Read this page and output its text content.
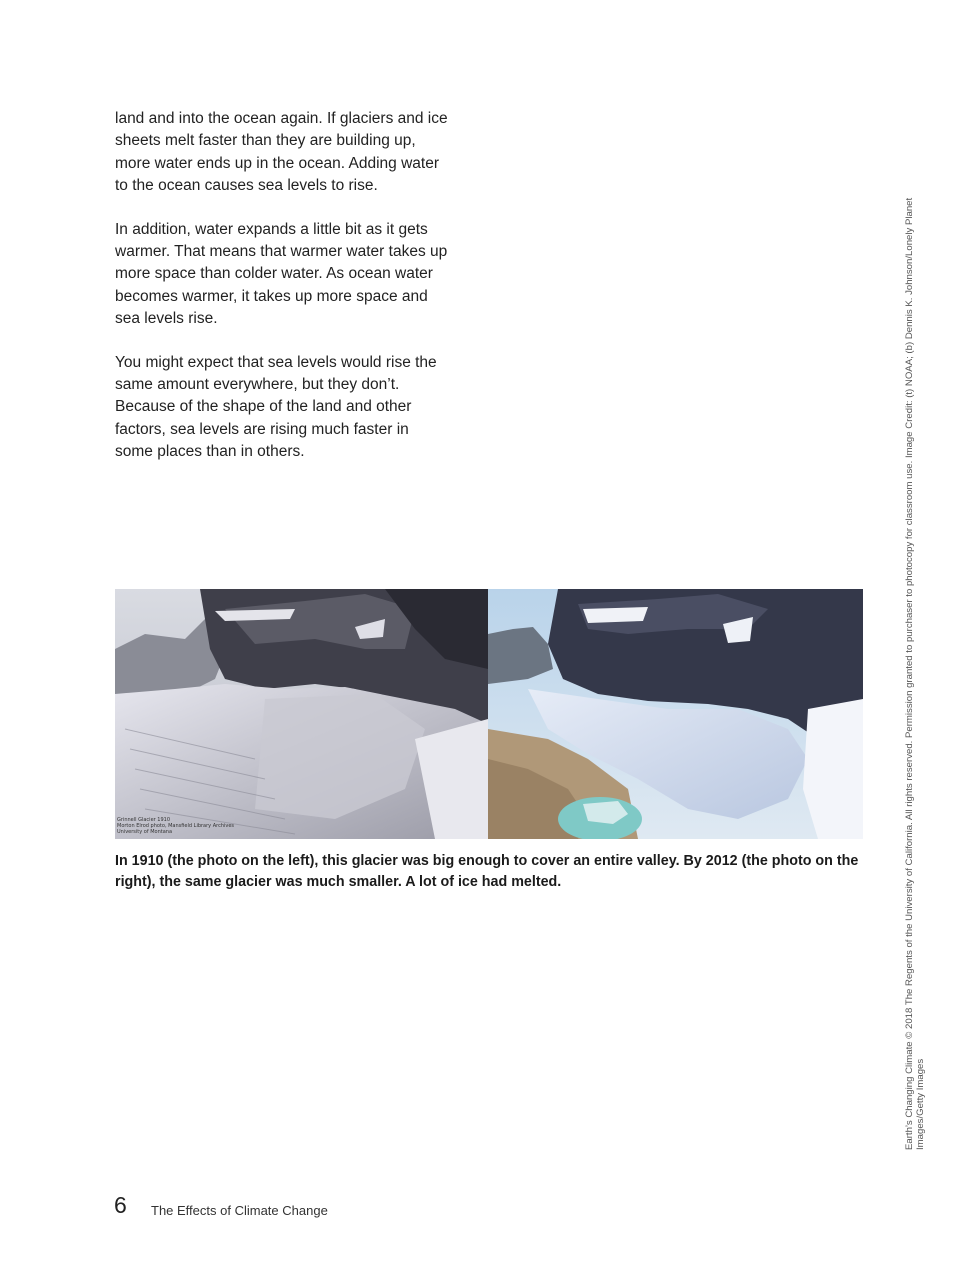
land and into the ocean again. If glaciers and ice sheets melt faster than they are building up, more water ends up in the ocean. Adding water to the ocean causes sea levels to rise.

In addition, water expands a little bit as it gets warmer. That means that warmer water takes up more space than colder water. As ocean water becomes warmer, it takes up more space and sea levels rise.

You might expect that sea levels would rise the same amount everywhere, but they don’t. Because of the shape of the land and other factors, sea levels are rising much faster in some places than in others.

Grinnell Glacier 1910
Morton Elrod photo, Mansfield Library Archives
University of Montana
In 1910 (the photo on the left), this glacier was big enough to cover an entire valley. By 2012 (the photo on the right), the same glacier was much smaller. A lot of ice had melted.	Earth’s Changing Climate © 2018 The Regents of the University of California. All rights reserved. Permission granted to purchaser to photocopy for classroom use. Image Credit: (t) NOAA; (b) Dennis K. Johnson/Lonely Planet Images/Getty Images
6 The Effects of Climate Change
